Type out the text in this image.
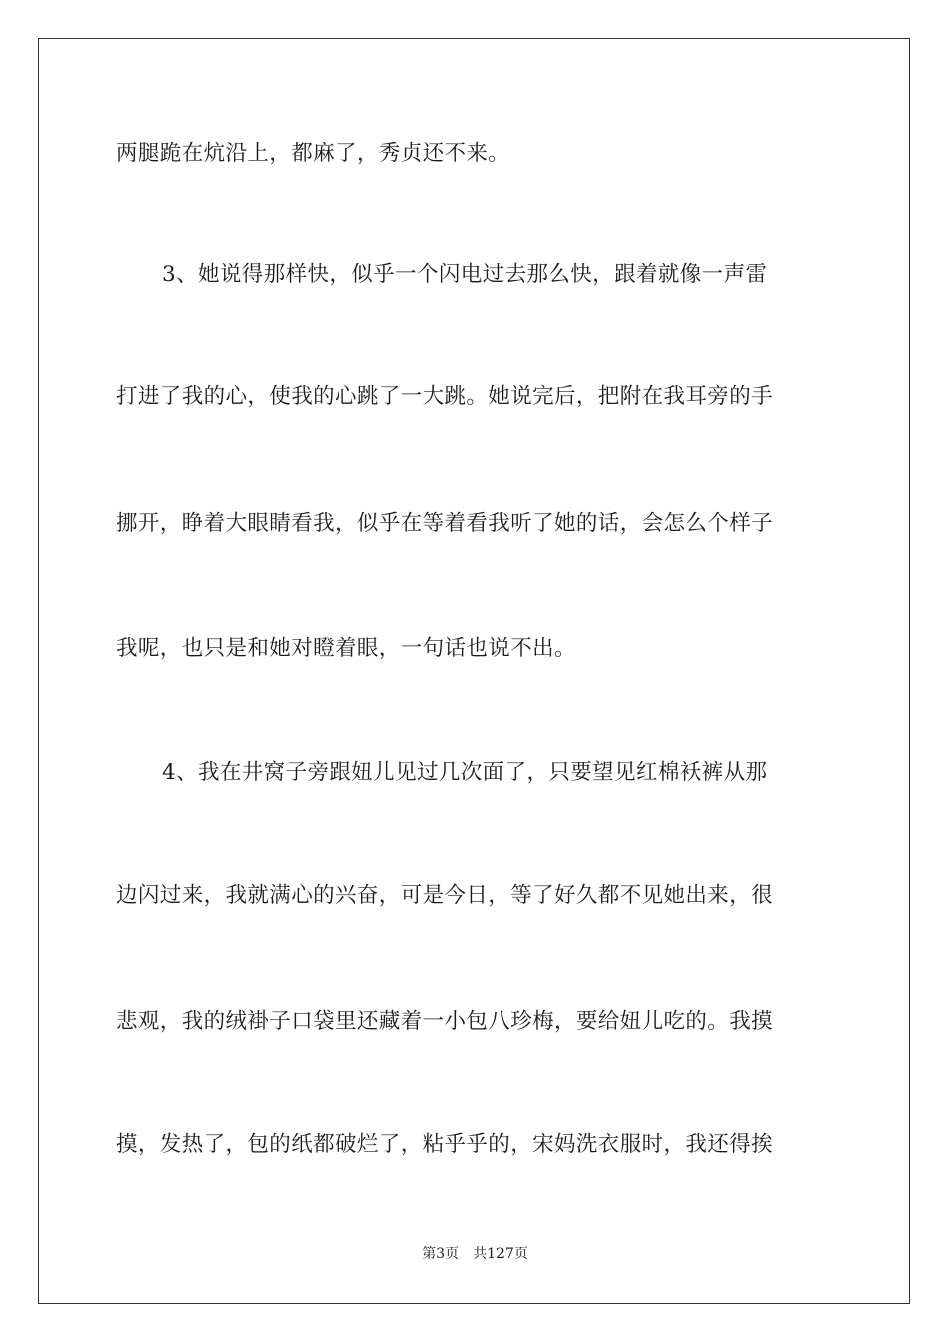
两腿跪在炕沿上，都麻了，秀贞还不来。
3、她说得那样快，似乎一个闪电过去那么快，跟着就像一声雷
打进了我的心，使我的心跳了一大跳。她说完后，把附在我耳旁的手
挪开，睁着大眼睛看我，似乎在等着看我听了她的话，会怎么个样子
我呢，也只是和她对瞪着眼，一句话也说不出。
4、我在井窝子旁跟妞儿见过几次面了，只要望见红棉袄裤从那
边闪过来，我就满心的兴奋，可是今日，等了好久都不见她出来，很
悲观，我的绒褂子口袋里还藏着一小包八珍梅，要给妞儿吃的。我摸
摸，发热了，包的纸都破烂了，粘乎乎的，宋妈洗衣服时，我还得挨
第3页 共127页
